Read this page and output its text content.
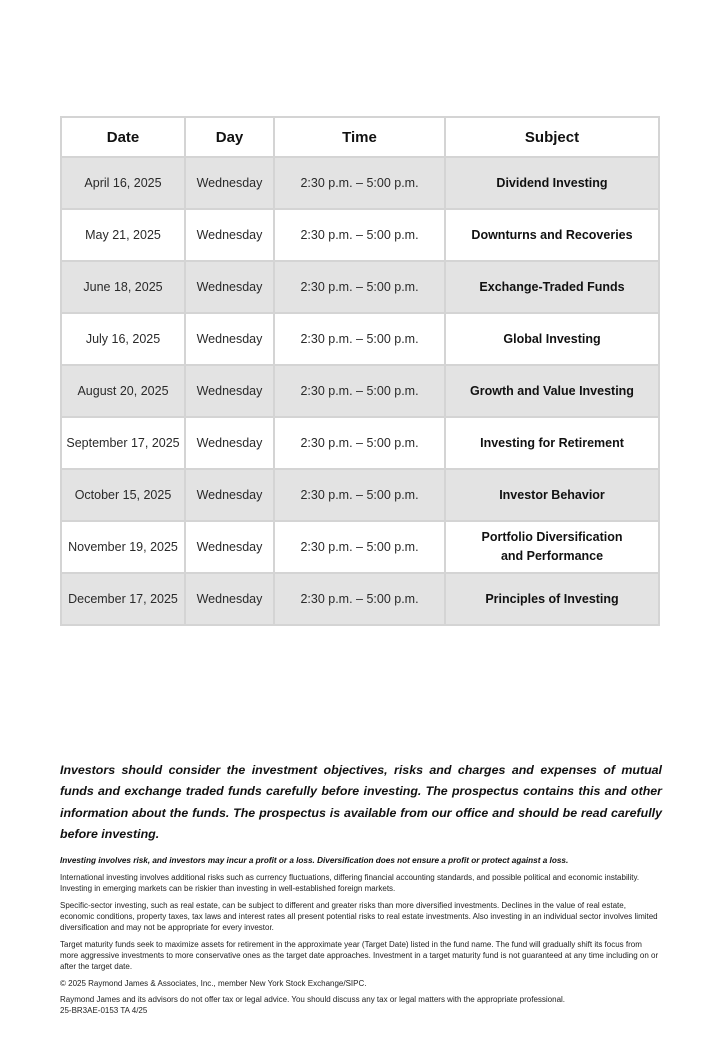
Date	Day	Time	Subject
April 16, 2025	Wednesday	2:30 p.m. – 5:00 p.m.	Dividend Investing
May 21, 2025	Wednesday	2:30 p.m. – 5:00 p.m.	Downturns and Recoveries
June 18, 2025	Wednesday	2:30 p.m. – 5:00 p.m.	Exchange-Traded Funds
July 16, 2025	Wednesday	2:30 p.m. – 5:00 p.m.	Global Investing
August 20, 2025	Wednesday	2:30 p.m. – 5:00 p.m.	Growth and Value Investing
September 17, 2025	Wednesday	2:30 p.m. – 5:00 p.m.	Investing for Retirement
October 15, 2025	Wednesday	2:30 p.m. – 5:00 p.m.	Investor Behavior
November 19, 2025	Wednesday	2:30 p.m. – 5:00 p.m.	Portfolio Diversification
and Performance
December 17, 2025	Wednesday	2:30 p.m. – 5:00 p.m.	Principles of Investing

Investors should consider the investment objectives, risks and charges and expenses of mutual funds and exchange traded funds carefully before investing. The prospectus contains this and other information about the funds. The prospectus is available from our office and should be read carefully before investing.

Investing involves risk, and investors may incur a profit or a loss. Diversification does not ensure a profit or protect against a loss.

International investing involves additional risks such as currency fluctuations, differing financial accounting standards, and possible political and economic instability. Investing in emerging markets can be riskier than investing in well-established foreign markets.

Specific-sector investing, such as real estate, can be subject to different and greater risks than more diversified investments. Declines in the value of real estate, economic conditions, property taxes, tax laws and interest rates all present potential risks to real estate investments. Also investing in an individual sector involves limited diversification and may not be appropriate for every investor.

Target maturity funds seek to maximize assets for retirement in the approximate year (Target Date) listed in the fund name. The fund will gradually shift its focus from more aggressive investments to more conservative ones as the target date approaches. Investment in a target maturity fund is not guaranteed at any time including on or after the target date.

© 2025 Raymond James & Associates, Inc., member New York Stock Exchange/SIPC.

Raymond James and its advisors do not offer tax or legal advice. You should discuss any tax or legal matters with the appropriate professional.

25-BR3AE-0153 TA 4/25
